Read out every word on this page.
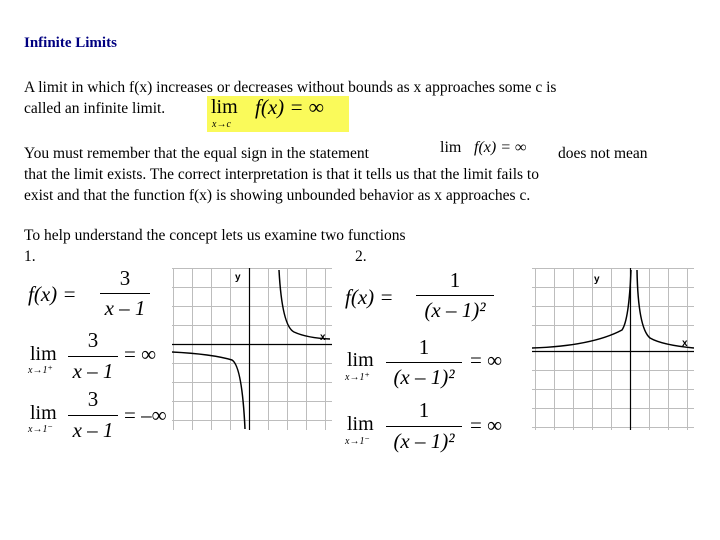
Infinite Limits
A limit in which f(x) increases or decreases without bounds as x approaches some c is
called an infinite limit. lim
x→c
f(x) = ∞
You must remember that the equal sign in the statement	lim f(x) = ∞ does not mean
that the limit exists. The correct interpretation is that it tells us that the limit fails to
exist and that the function f(x) is showing unbounded behavior as x approaches c.
To help understand the concept lets us examine two functions
1.	2.
f(x) =
3
x – 1
lim
x→1⁺
3
x – 1
= ∞
lim
x→1⁻
3
x – 1
= –∞
y
x
f(x) =
1
(x – 1)²
lim
x→1⁺
1
(x – 1)²
= ∞
lim
x→1⁻
1
(x – 1)²
= ∞
y
x
